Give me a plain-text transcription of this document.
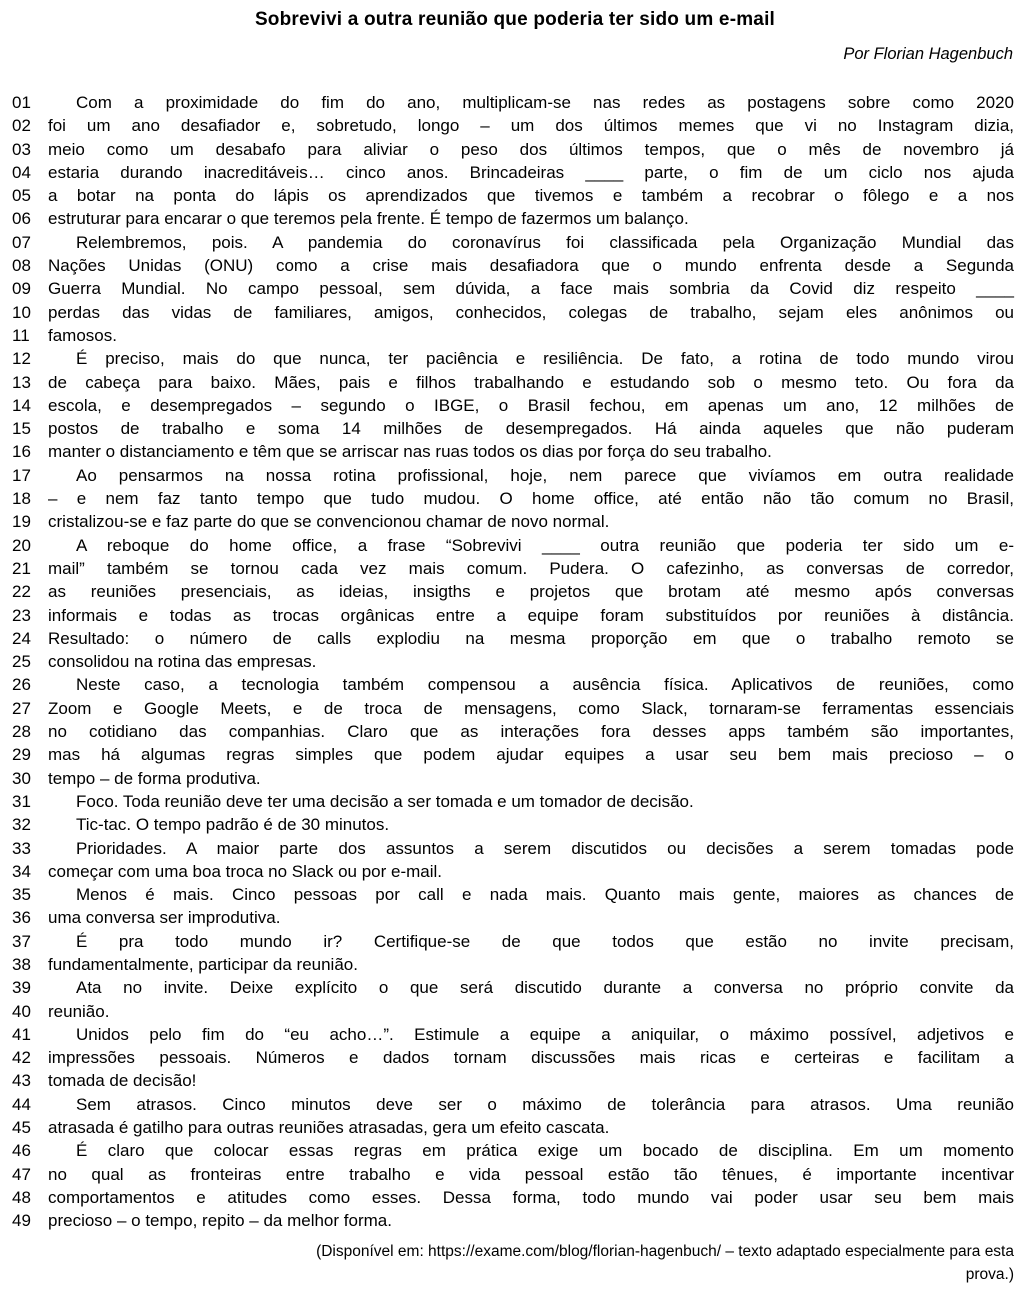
Sobrevivi a outra reunião que poderia ter sido um e-mail
Por Florian Hagenbuch
01	Com a proximidade do fim do ano, multiplicam-se nas redes as postagens sobre como 2020
02	foi um ano desafiador e, sobretudo, longo – um dos últimos memes que vi no Instagram dizia,
03	meio como um desabafo para aliviar o peso dos últimos tempos, que o mês de novembro já
04	estaria durando inacreditáveis… cinco anos. Brincadeiras ____ parte, o fim de um ciclo nos ajuda
05	a botar na ponta do lápis os aprendizados que tivemos e também a recobrar o fôlego e a nos
06	estruturar para encarar o que teremos pela frente. É tempo de fazermos um balanço.
07	Relembremos, pois. A pandemia do coronavírus foi classificada pela Organização Mundial das
08	Nações Unidas (ONU) como a crise mais desafiadora que o mundo enfrenta desde a Segunda
09	Guerra Mundial. No campo pessoal, sem dúvida, a face mais sombria da Covid diz respeito ____
10	perdas das vidas de familiares, amigos, conhecidos, colegas de trabalho, sejam eles anônimos ou
11	famosos.
12	É preciso, mais do que nunca, ter paciência e resiliência. De fato, a rotina de todo mundo virou
13	de cabeça para baixo. Mães, pais e filhos trabalhando e estudando sob o mesmo teto. Ou fora da
14	escola, e desempregados – segundo o IBGE, o Brasil fechou, em apenas um ano, 12 milhões de
15	postos de trabalho e soma 14 milhões de desempregados. Há ainda aqueles que não puderam
16	manter o distanciamento e têm que se arriscar nas ruas todos os dias por força do seu trabalho.
17	Ao pensarmos na nossa rotina profissional, hoje, nem parece que vivíamos em outra realidade
18	– e nem faz tanto tempo que tudo mudou. O home office, até então não tão comum no Brasil,
19	cristalizou-se e faz parte do que se convencionou chamar de novo normal.
20	A reboque do home office, a frase “Sobrevivi ____ outra reunião que poderia ter sido um e-
21	mail” também se tornou cada vez mais comum. Pudera. O cafezinho, as conversas de corredor,
22	as reuniões presenciais, as ideias, insigths e projetos que brotam até mesmo após conversas
23	informais e todas as trocas orgânicas entre a equipe foram substituídos por reuniões à distância.
24	Resultado: o número de calls explodiu na mesma proporção em que o trabalho remoto se
25	consolidou na rotina das empresas.
26	Neste caso, a tecnologia também compensou a ausência física. Aplicativos de reuniões, como
27	Zoom e Google Meets, e de troca de mensagens, como Slack, tornaram-se ferramentas essenciais
28	no cotidiano das companhias. Claro que as interações fora desses apps também são importantes,
29	mas há algumas regras simples que podem ajudar equipes a usar seu bem mais precioso – o
30	tempo – de forma produtiva.
31	Foco. Toda reunião deve ter uma decisão a ser tomada e um tomador de decisão.
32	Tic-tac. O tempo padrão é de 30 minutos.
33	Prioridades. A maior parte dos assuntos a serem discutidos ou decisões a serem tomadas pode
34	começar com uma boa troca no Slack ou por e-mail.
35	Menos é mais. Cinco pessoas por call e nada mais. Quanto mais gente, maiores as chances de
36	uma conversa ser improdutiva.
37	É pra todo mundo ir? Certifique-se de que todos que estão no invite precisam,
38	fundamentalmente, participar da reunião.
39	Ata no invite. Deixe explícito o que será discutido durante a conversa no próprio convite da
40	reunião.
41	Unidos pelo fim do “eu acho…”. Estimule a equipe a aniquilar, o máximo possível, adjetivos e
42	impressões pessoais. Números e dados tornam discussões mais ricas e certeiras e facilitam a
43	tomada de decisão!
44	Sem atrasos. Cinco minutos deve ser o máximo de tolerância para atrasos. Uma reunião
45	atrasada é gatilho para outras reuniões atrasadas, gera um efeito cascata.
46	É claro que colocar essas regras em prática exige um bocado de disciplina. Em um momento
47	no qual as fronteiras entre trabalho e vida pessoal estão tão tênues, é importante incentivar
48	comportamentos e atitudes como esses. Dessa forma, todo mundo vai poder usar seu bem mais
49	precioso – o tempo, repito – da melhor forma.
(Disponível em: https://exame.com/blog/florian-hagenbuch/ – texto adaptado especialmente para esta
prova.)
